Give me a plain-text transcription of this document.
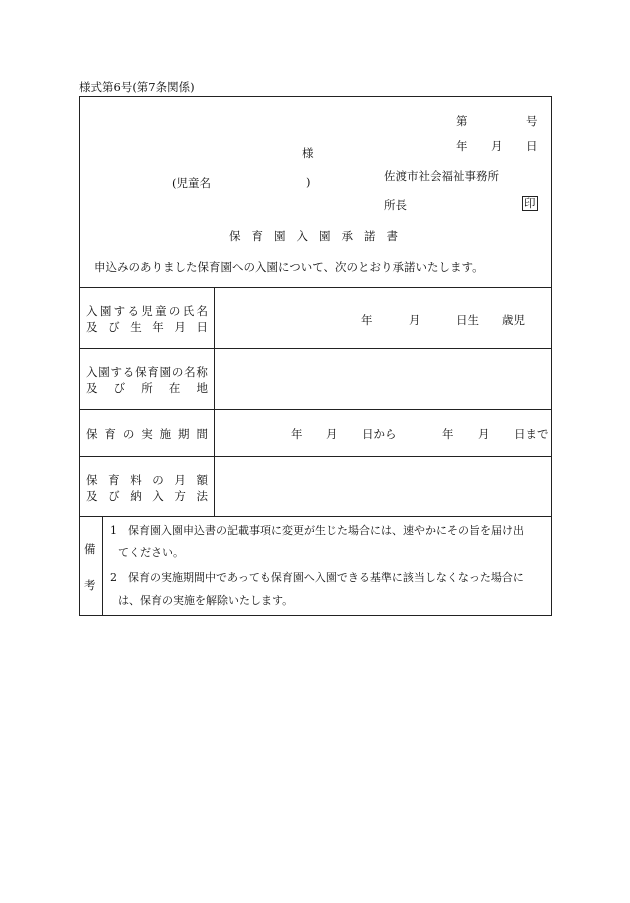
様式第6号(第7条関係)
第	号
年 月 日
様
(児童名	)	佐渡市社会福祉事務所
所長	印
保育園入園承諾書
申込みのありました保育園への入園について、次のとおり承諾いたします。
入 園 す る 児 童 の 氏 名
及 び 生 年 月 日	年	月	日生 歳児
入 園 す る 保 育 園 の 名 称
及 び 所 在 地
保 育 の 実 施 期 間	年 月 日から	年 月 日まで
保 育 料 の 月 額
及 び 納 入 方 法
備
考
1　保育園入園申込書の記載事項に変更が生じた場合には、速やかにその旨を届け出
てください。
2　保育の実施期間中であっても保育園へ入園できる基準に該当しなくなった場合に
は、保育の実施を解除いたします。
